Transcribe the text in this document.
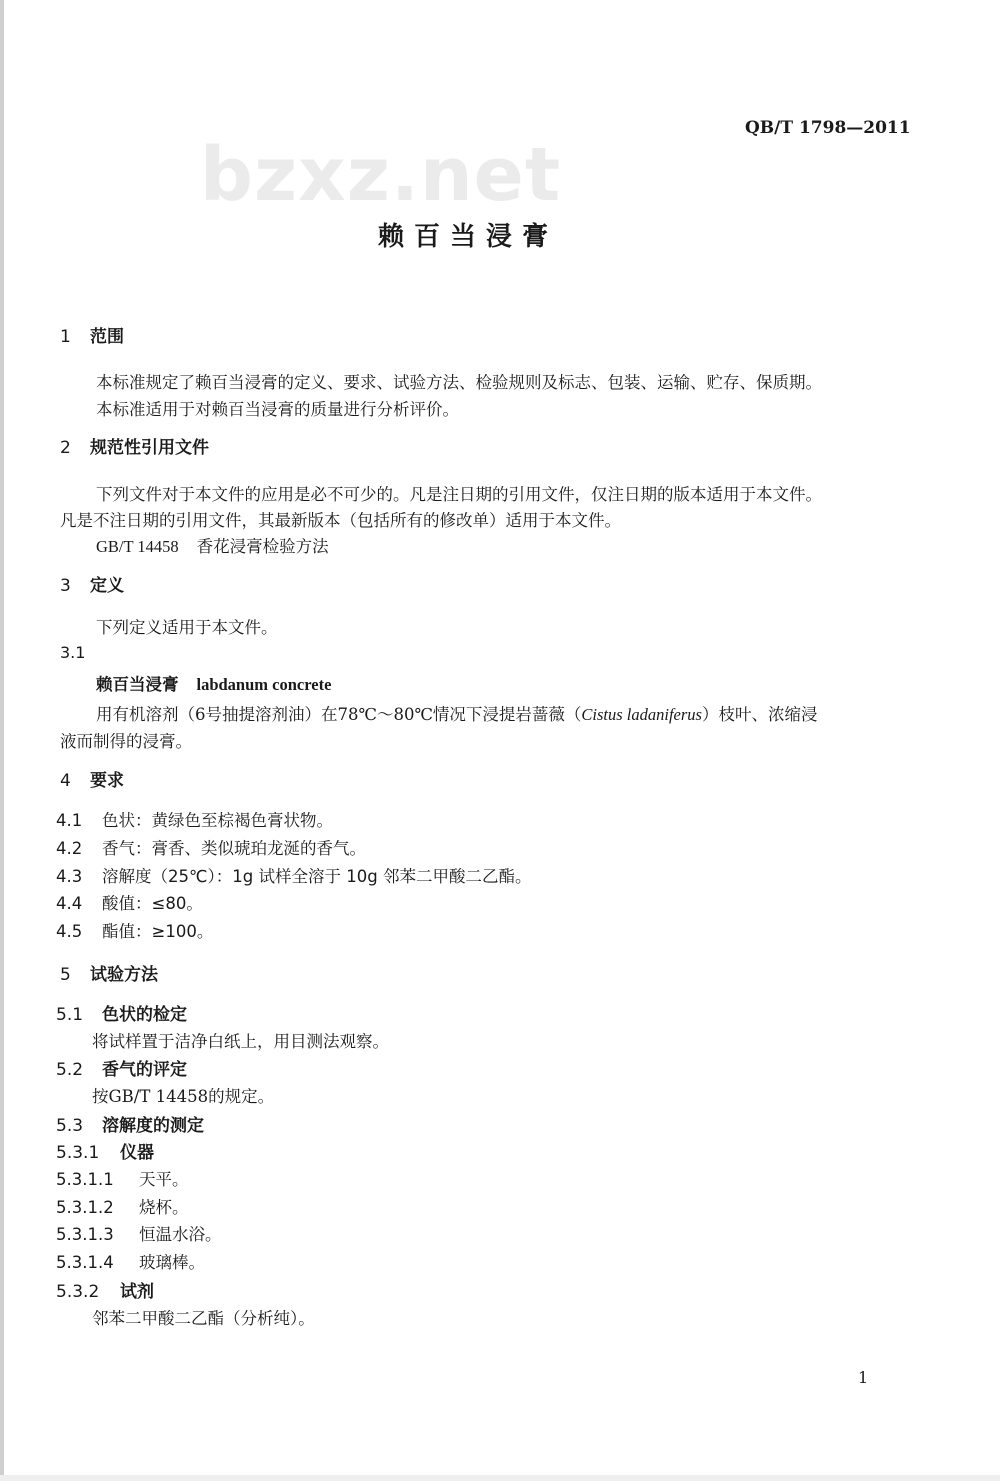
QB/T 1798—2011
bzxz.net
赖百当浸膏
1 范围
本标准规定了赖百当浸膏的定义、要求、试验方法、检验规则及标志、包装、运输、贮存、保质期。
本标准适用于对赖百当浸膏的质量进行分析评价。
2 规范性引用文件
下列文件对于本文件的应用是必不可少的。凡是注日期的引用文件，仅注日期的版本适用于本文件。
凡是不注日期的引用文件，其最新版本（包括所有的修改单）适用于本文件。
GB/T 14458 香花浸膏检验方法
3 定义
下列定义适用于本文件。
3.1
赖百当浸膏 labdanum concrete
用有机溶剂（6号抽提溶剂油）在78℃～80℃情况下浸提岩蔷薇（Cistus ladaniferus）枝叶、浓缩浸
液而制得的浸膏。
4 要求
4.1 色状：黄绿色至棕褐色膏状物。
4.2 香气：膏香、类似琥珀龙涎的香气。
4.3 溶解度（25℃）：1g 试样全溶于 10g 邻苯二甲酸二乙酯。
4.4 酸值：≤80。
4.5 酯值：≥100。
5 试验方法
5.1 色状的检定
将试样置于洁净白纸上，用目测法观察。
5.2 香气的评定
按GB/T 14458的规定。
5.3 溶解度的测定
5.3.1 仪器
5.3.1.1 天平。
5.3.1.2 烧杯。
5.3.1.3 恒温水浴。
5.3.1.4 玻璃棒。
5.3.2 试剂
邻苯二甲酸二乙酯（分析纯）。
1
